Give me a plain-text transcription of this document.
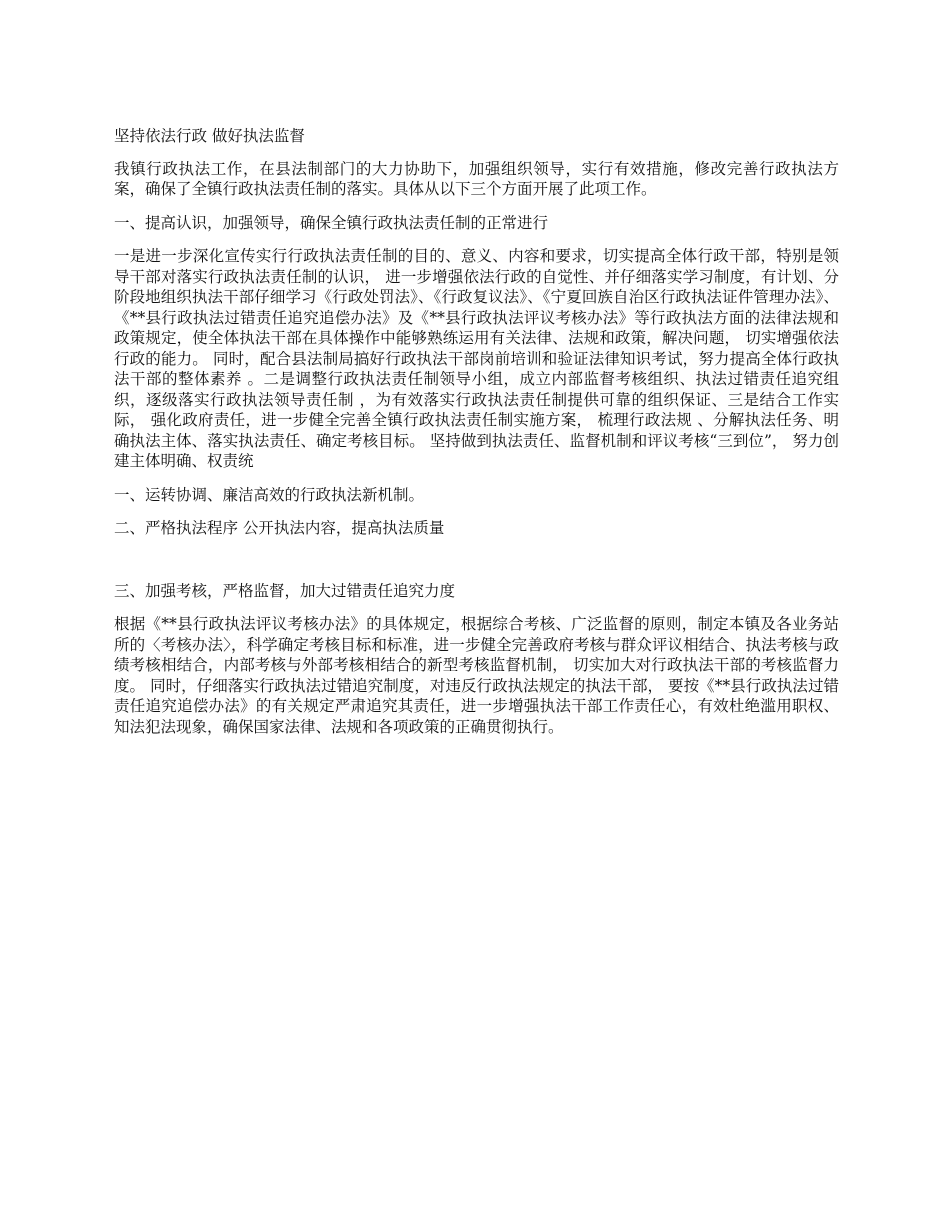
坚持依法行政 做好执法监督

我镇行政执法工作，在县法制部门的大力协助下，加强组织领导，实行有效措施，修改完善行政执法方案，确保了全镇行政执法责任制的落实。具体从以下三个方面开展了此项工作。

一、提高认识，加强领导，确保全镇行政执法责任制的正常进行

一是进一步深化宣传实行行政执法责任制的目的、意义、内容和要求，切实提高全体行政干部，特别是领导干部对落实行政执法责任制的认识， 进一步增强依法行政的自觉性、并仔细落实学习制度，有计划、分阶段地组织执法干部仔细学习《行政处罚法》、《行政复议法》、《宁夏回族自治区行政执法证件管理办法》、《**县行政执法过错责任追究追偿办法》及《**县行政执法评议考核办法》等行政执法方面的法律法规和政策规定，使全体执法干部在具体操作中能够熟练运用有关法律、法规和政策，解决问题， 切实增强依法行政的能力。 同时，配合县法制局搞好行政执法干部岗前培训和验证法律知识考试，努力提高全体行政执法干部的整体素养 。二是调整行政执法责任制领导小组，成立内部监督考核组织、执法过错责任追究组织，逐级落实行政执法领导责任制 ，为有效落实行政执法责任制提供可靠的组织保证、三是结合工作实际， 强化政府责任，进一步健全完善全镇行政执法责任制实施方案， 梳理行政法规 、分解执法任务、明确执法主体、落实执法责任、确定考核目标。 坚持做到执法责任、监督机制和评议考核“三到位”， 努力创建主体明确、权责统

一、运转协调、廉洁高效的行政执法新机制。

二、严格执法程序 公开执法内容，提高执法质量

三、加强考核，严格监督，加大过错责任追究力度

根据《**县行政执法评议考核办法》的具体规定，根据综合考核、广泛监督的原则，制定本镇及各业务站所的〈考核办法〉，科学确定考核目标和标准，进一步健全完善政府考核与群众评议相结合、执法考核与政绩考核相结合，内部考核与外部考核相结合的新型考核监督机制， 切实加大对行政执法干部的考核监督力度。 同时，仔细落实行政执法过错追究制度，对违反行政执法规定的执法干部， 要按《**县行政执法过错责任追究追偿办法》的有关规定严肃追究其责任，进一步增强执法干部工作责任心，有效杜绝滥用职权、知法犯法现象，确保国家法律、法规和各项政策的正确贯彻执行。
